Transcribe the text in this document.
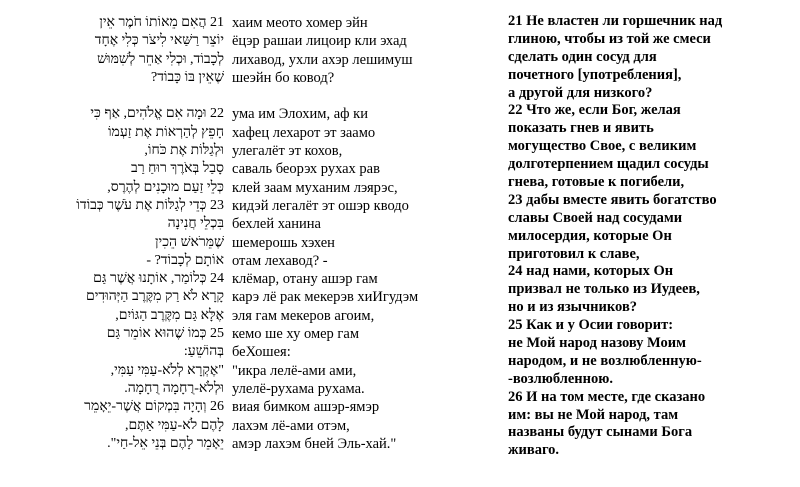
21 הֲאִם מֵאוֹתוֹ חֹמֶר אֵין
יוֹצֵר רַשַּׁאי לִיצֹר כְּלִי אֶחָד
לְכָבוֹד, וּכְלִי אַחֵר לְשִׁמּוּשׁ
שֶׁאֵין בּוֹ כָּבוֹד?

22 וּמָה אִם אֱלֹהִים, אַף כִּי
חָפֵץ לְהַרְאוֹת אֶת זַעְמוֹ
וּלְגַלּוֹת אֶת כֹּחוֹ,
סָבַל בְּאֹרֶךְ רוּחַ רַב
כְּלֵי זַעַם מוּכָנִים לְהֶרֶס,
23 כְּדֵי לְגַלּוֹת אֶת עֹשֶׁר כְּבוֹדוֹ
בִּכְלֵי חֲנִינָה
שֶׁמֵּרֹאשׁ הֵכִין
אוֹתָם לְכָבוֹד? -
24 כְּלוֹמַר, אוֹתָנוּ אֲשֶׁר גַּם
קָרָא לֹא רַק מִקֶּרֶב הַיְּהוּדִים
אֶלָּא גַּם מִקֶּרֶב הַגּוֹיִם,
25 כְּמוֹ שֶׁהוּא אוֹמֵר גַּם
בְּהוֹשֵׁעַ:
"אֶקְרָא לְלֹא-עַמִּי עַמִּי,
וּלְלֹא-רֻחָמָה רֻחָמָה.
26 וְהָיָה בִּמְקוֹם אֲשֶׁר-יֵאָמֵר
לָהֶם לֹא-עַמִּי אַתֶּם,
יֵאָמֵר לָהֶם בְּנֵי אֵל-חַי".
хаим меото хомер эйн
ёцэр рашаи лицоир кли эхад
лихавод, ухли ахэр лешимуш
шеэйн бо ковод?

ума им Элохим, аф ки
хафец лехарот эт заамо
улегалёт эт кохов,
саваль беорэх рухах рав
клей заам муханим лэярэс,
кидэй легалёт эт ошэр кводо
бехлей ханина
шемерошь хэхен
отам лехавод? -
клёмар, отану ашэр гам
карэ лё рак мекерэв хиИгудэм
эля гам мекеров агоим,
кемо ше ху омер гам
беХошея:
"икра лелё-ами ами,
улелё-рухама рухама.
виая бимком ашэр-ямэр
лахэм лё-ами отэм,
амэр лахэм бней Эль-хай."
21 Не властен ли горшечник над
глиною, чтобы из той же смеси
сделать один сосуд для
почетного [употребления],
а другой для низкого?
22 Что же, если Бог, желая
показать гнев и явить
могущество Свое, с великим
долготерпением щадил сосуды
гнева, готовые к погибели,
23 дабы вместе явить богатство
славы Своей над сосудами
милосердия, которые Он
приготовил к славе,
24 над нами, которых Он
призвал не только из Иудеев,
но и из язычников?
25 Как и у Осии говорит:
не Мой народ назову Моим
народом, и не возлюбленную-
-возлюбленною.
26 И на том месте, где сказано
им: вы не Мой народ, там
названы будут сынами Бога
живаго.
